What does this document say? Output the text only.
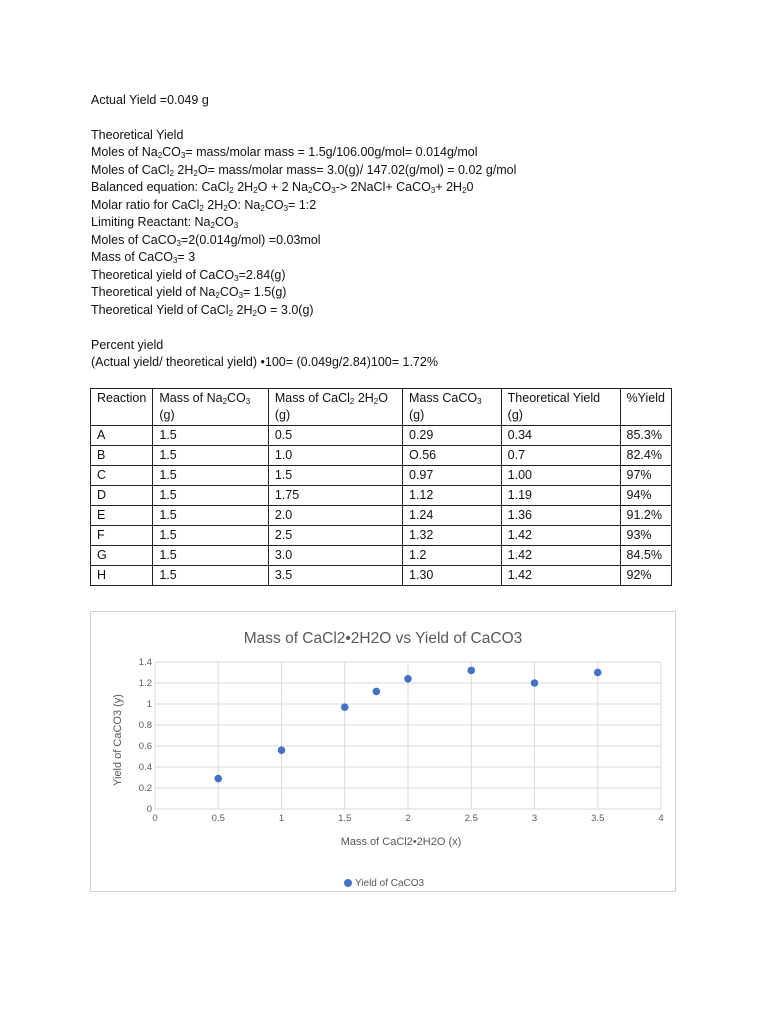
Actual Yield =0.049 g
Theoretical Yield
Moles of $Na_2CO_3=$ mass/molar mass = 1.5g/106.00g/mol= 0.014g/mol
Moles of CaCl$_2$ $2H_2O=$ mass/molar mass= 3.0(g)/ 147.02(g/mol) = 0.02 g/mol
Balanced equation: CaCl$_2$ $2H_2O + 2$ $Na_2CO_3->$ 2NaCl+ CaCO$_3$+ $2H_20$
Molar ratio for CaCl$_2$ $2H_2O$: $Na_2CO_3=$ 1:2
Limiting Reactant: $Na_2CO_3$
Moles of CaCO$_3$=2(0.014g/mol) =0.03mol
Mass of CaCO$_3$= 3
Theoretical yield of CaCO$_3$=2.84(g)
Theoretical yield of $Na_2CO_3= 1.5(g)$
Theoretical Yield of CaCl$_2$ $2H_2O = 3.0(g)$
Percent yield
(Actual yield/ theoretical yield) •100= (0.049g/2.84)100= 1.72%
Reaction	Mass of $Na_2CO_3$ (g)	Mass of CaCl$_2$ $2H_2O$ (g)	Mass CaCO$_3$ (g)	Theoretical Yield (g)	%Yield
A	1.5	0.5	0.29	0.34	85.3%
B	1.5	1.0	O.56	0.7	82.4%
C	1.5	1.5	0.97	1.00	97%
D	1.5	1.75	1.12	1.19	94%
E	1.5	2.0	1.24	1.36	91.2%
F	1.5	2.5	1.32	1.42	93%
G	1.5	3.0	1.2	1.42	84.5%
H	1.5	3.5	1.30	1.42	92%
Mass of CaCl2•2H2O vs Yield of CaCO3
0
0.2
0.4
0.6
0.8
1
1.2
1.4
0	0.5	1	1.5	2	2.5	3	3.5	4
Mass of CaCl2•2H2O (x)
Yield of CaCO3 (y)
Yield of CaCO3
